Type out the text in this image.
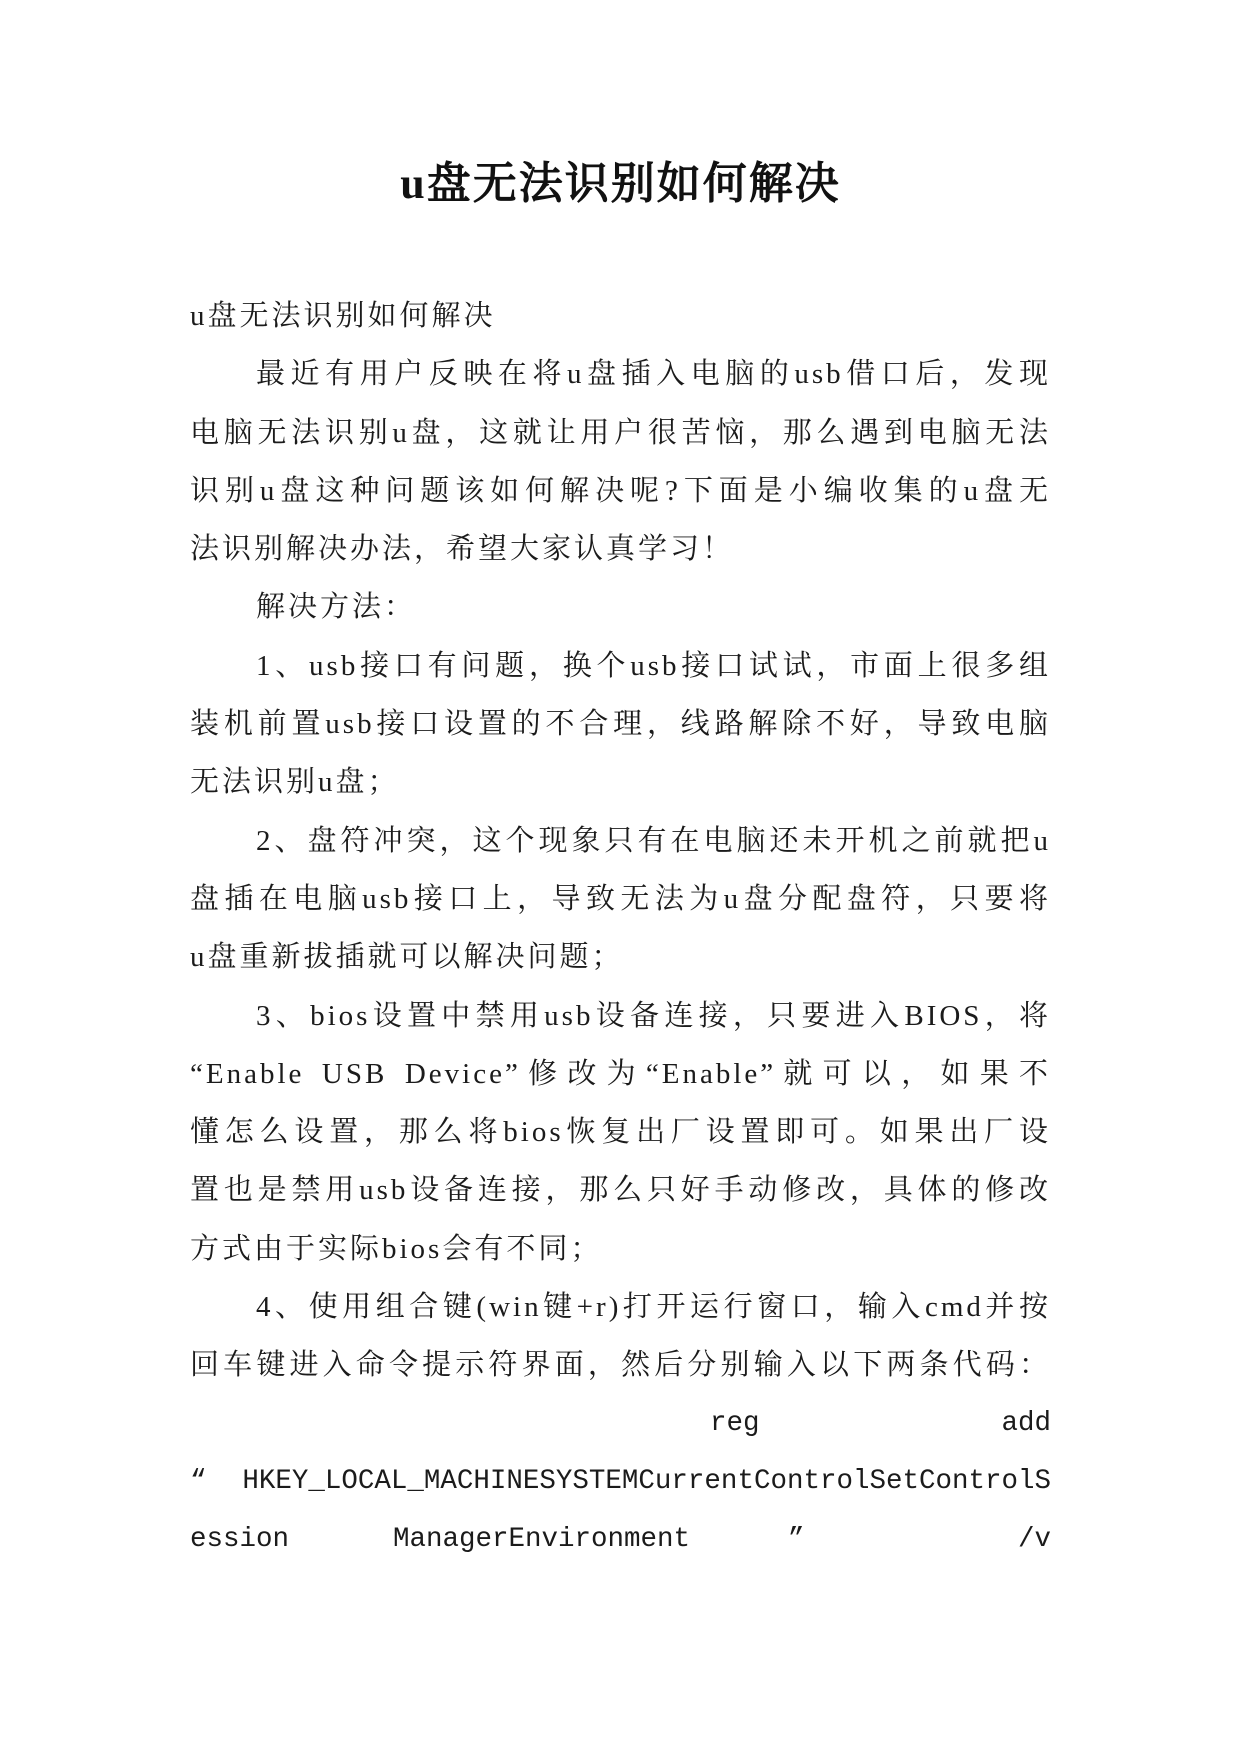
u盘无法识别如何解决
u盘无法识别如何解决
最近有用户反映在将u盘插入电脑的usb借口后，发现
电脑无法识别u盘，这就让用户很苦恼，那么遇到电脑无法
识别u盘这种问题该如何解决呢?下面是小编收集的u盘无
法识别解决办法，希望大家认真学习！
解决方法：
1、usb接口有问题，换个usb接口试试，市面上很多组
装机前置usb接口设置的不合理，线路解除不好，导致电脑
无法识别u盘；
2、盘符冲突，这个现象只有在电脑还未开机之前就把u
盘插在电脑usb接口上，导致无法为u盘分配盘符，只要将
u盘重新拔插就可以解决问题；
3、bios设置中禁用usb设备连接，只要进入BIOS，将
“Enable USB Device”修改为“Enable”就可以，如果不
懂怎么设置，那么将bios恢复出厂设置即可。如果出厂设
置也是禁用usb设备连接，那么只好手动修改，具体的修改
方式由于实际bios会有不同；
4、使用组合键(win键+r)打开运行窗口，输入cmd并按
回车键进入命令提示符界面，然后分别输入以下两条代码：
reg	add
“ HKEY_LOCAL_MACHINESYSTEMCurrentControlSetControlS
ession	ManagerEnvironment	”	/v
